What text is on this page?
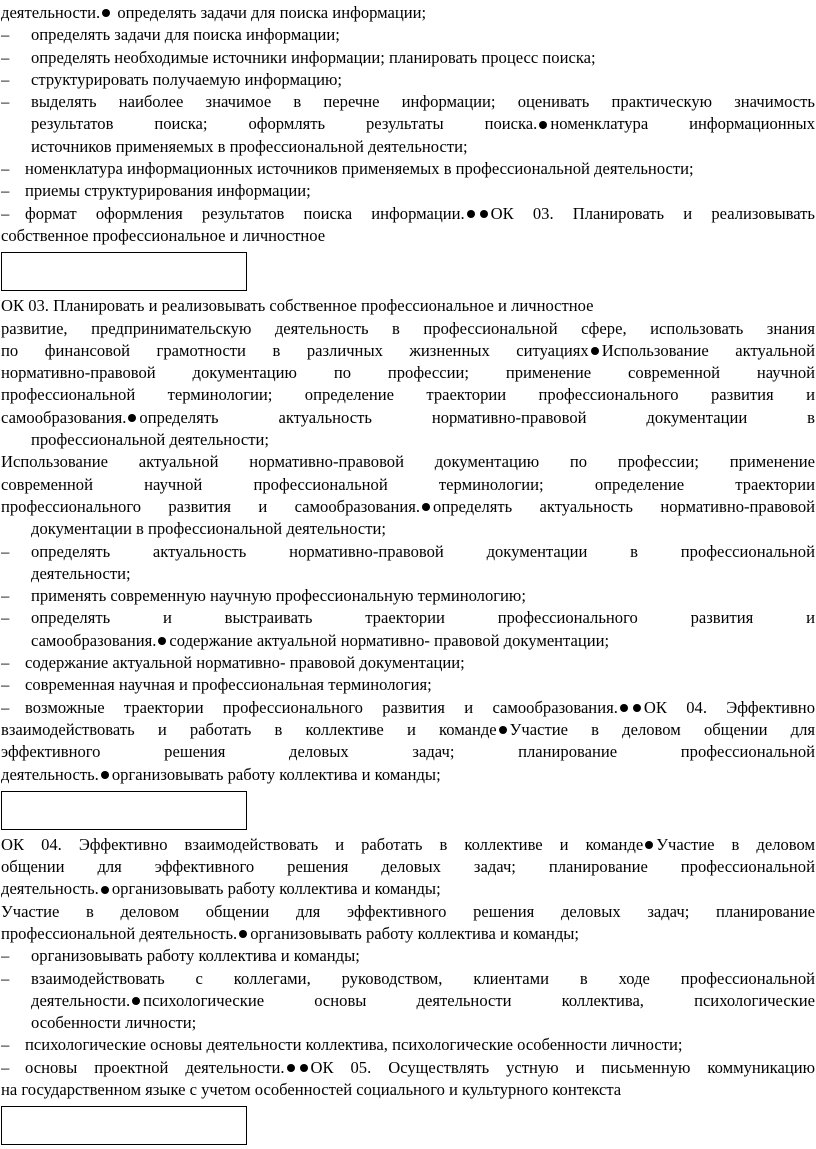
деятельности. определять задачи для поиска информации;
– определять задачи для поиска информации;
– определять необходимые источники информации; планировать процесс поиска;
– структурировать получаемую информацию;
– выделять наиболее значимое в перечне информации; оценивать практическую значимость
результатов поиска; оформлять результаты поиска. номенклатура информационных
источников применяемых в профессиональной деятельности;
– номенклатура информационных источников применяемых в профессиональной деятельности;
– приемы структурирования информации;
– формат оформления результатов поиска информации. ОК 03. Планировать и реализовывать
собственное профессиональное и личностное
ОК 03. Планировать и реализовывать собственное профессиональное и личностное
развитие, предпринимательскую деятельность в профессиональной сфере, использовать знания
по финансовой грамотности в различных жизненных ситуациях Использование актуальной
нормативно-правовой документацию по профессии; применение современной научной
профессиональной терминологии; определение траектории профессионального развития и
самообразования. определять актуальность нормативно-правовой документации в
профессиональной деятельности;
Использование актуальной нормативно-правовой документацию по профессии; применение
современной научной профессиональной терминологии; определение траектории
профессионального развития и самообразования. определять актуальность нормативно-правовой
документации в профессиональной деятельности;
– определять актуальность нормативно-правовой документации в профессиональной
деятельности;
– применять современную научную профессиональную терминологию;
– определять и выстраивать траектории профессионального развития и
самообразования. содержание актуальной нормативно- правовой документации;
– содержание актуальной нормативно- правовой документации;
– современная научная и профессиональная терминология;
– возможные траектории профессионального развития и самообразования. ОК 04. Эффективно
взаимодействовать и работать в коллективе и команде Участие в деловом общении для
эффективного решения деловых задач; планирование профессиональной
деятельность. организовывать работу коллектива и команды;
ОК 04. Эффективно взаимодействовать и работать в коллективе и команде Участие в деловом
общении для эффективного решения деловых задач; планирование профессиональной
деятельность. организовывать работу коллектива и команды;
Участие в деловом общении для эффективного решения деловых задач; планирование
профессиональной деятельность. организовывать работу коллектива и команды;
– организовывать работу коллектива и команды;
– взаимодействовать с коллегами, руководством, клиентами в ходе профессиональной
деятельности. психологические основы деятельности коллектива, психологические
особенности личности;
– психологические основы деятельности коллектива, психологические особенности личности;
– основы проектной деятельности. ОК 05. Осуществлять устную и письменную коммуникацию
на государственном языке с учетом особенностей социального и культурного контекста
